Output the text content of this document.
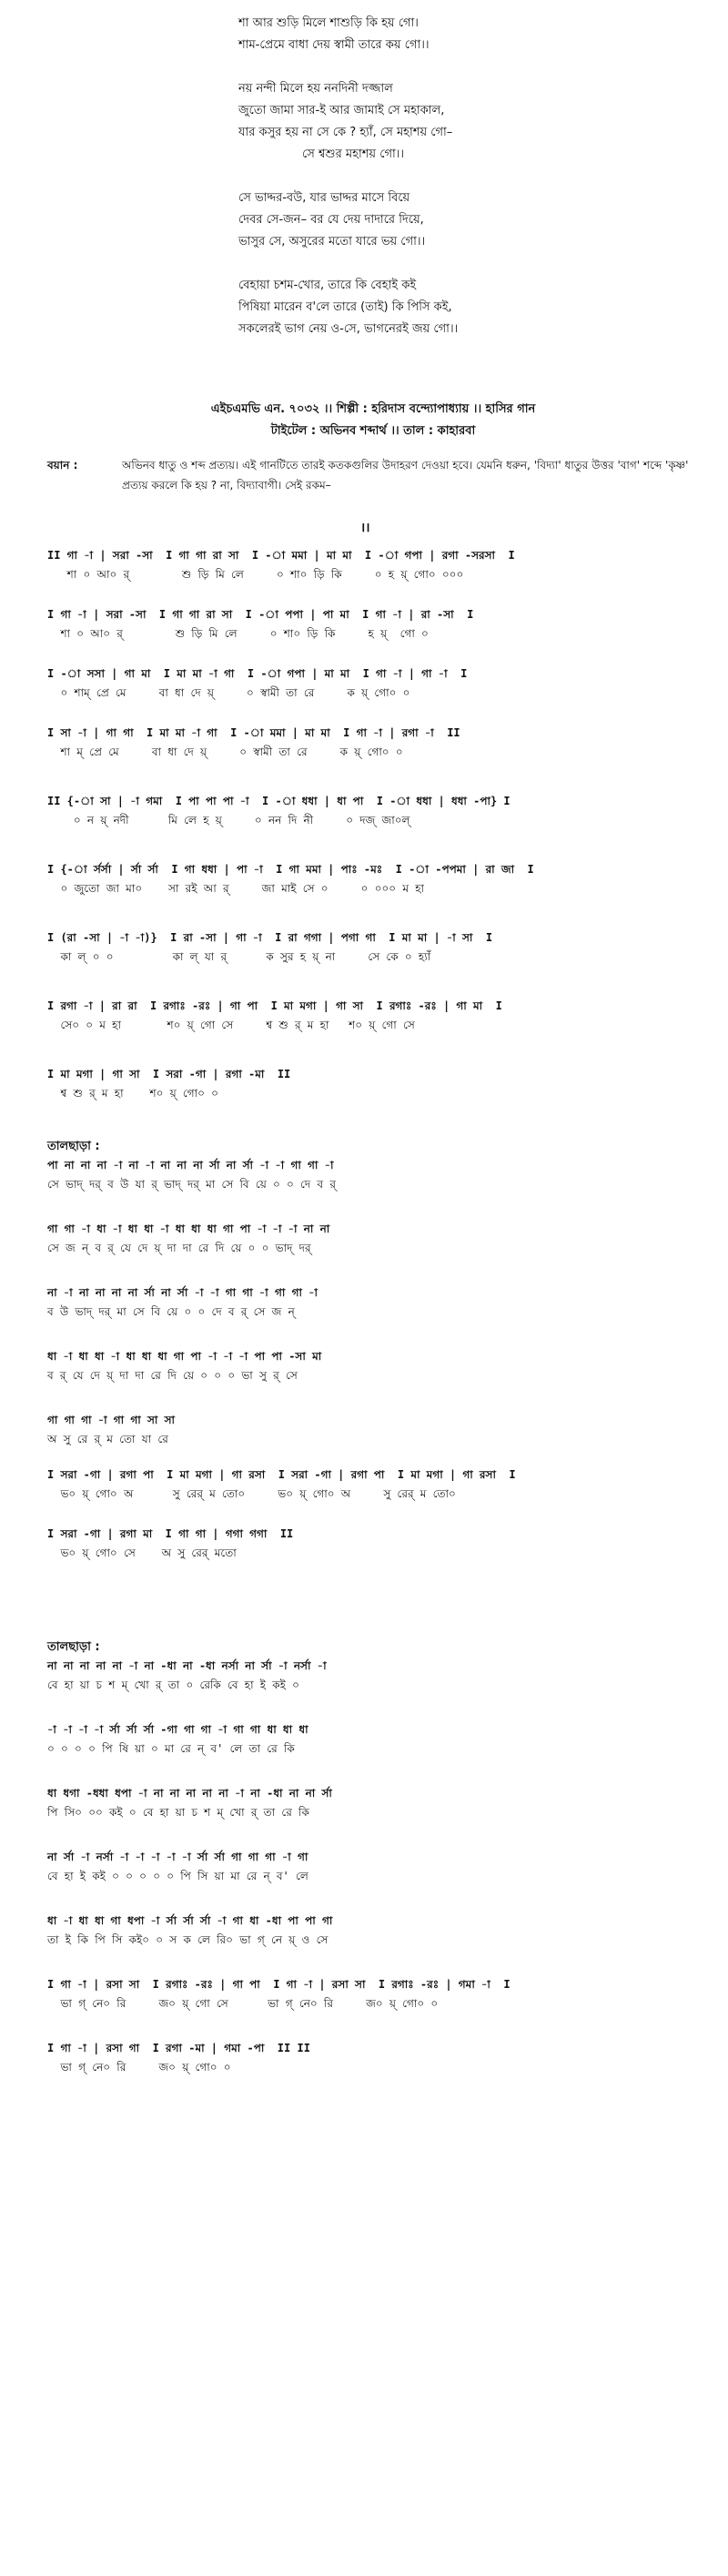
শা আর শুড়ি মিলে শাশুড়ি কি হয় গো।
শাম-প্রেমে বাধা দেয় স্বামী তারে কয় গো।।
নয় নন্দী মিলে হয় ননদিনী দজ্জাল
জুতো জামা সার-ই আর জামাই সে মহাকাল,
যার কসুর হয় না সে কে ? হ্যাঁ, সে মহাশয় গো–
সে শ্বশুর মহাশয় গো।।
সে ভাদ্দর-বউ, যার ভাদ্দর মাসে বিয়ে
দেবর সে-জন– বর যে দেয় দাদারে দিয়ে,
ভাসুর সে, অসুরের মতো যারে ভয় গো।।
বেহায়া চশম-খোর, তারে কি বেহাই কই
পিষিয়া মারেন ব'লে তারে (তাই) কি পিসি কই,
সকলেরই ভাগ নেয় ও-সে, ভাগনেরই জয় গো।।
এইচএমভি এন. ৭০৩২ ।। শিল্পী : হরিদাস বন্দ্যোপাধ্যায় ।। হাসির গান
টাইটেল : অভিনব শব্দার্থ ।। তাল : কাহারবা
বয়ান :	অভিনব ধাতু ও শব্দ প্রত্যয়। এই গানটিতে তারই কতকগুলির উদাহরণ দেওয়া হবে। যেমনি ধরুন, 'বিদ্যা' ধাতুর উত্তর 'বাগ' শব্দে 'কৃষ্ণ' প্রত্যয় করলে কি হয় ? না, বিদ্যাবাগী। সেই রকম–
।।
II গা -া | সরা -সা  I গা গা রা সা  I -া মমা | মা মা  I -া গপা | রগা -সরসা  I
শা ০ আ০ র্        শু ড়ি মি লে     ০ শা০ ড়ি কি     ০ হ য়্ গো০ ০০০
I গা -া | সরা -সা  I গা গা রা সা  I -া পপা | পা মা  I গা -া | রা -সা  I
শা ০ আ০ র্        শু ড়ি মি লে     ০ শা০ ড়ি কি     হ য়্  গো ০
I -া সসা | গা মা  I মা মা -া গা  I -া গপা | মা মা  I গা -া | গা -া  I
০ শাম্ প্রে মে     বা ধা দে য়্     ০ স্বামী তা রে     ক য়্ গো০ ০
I সা -া | গা গা  I মা মা -া গা  I -া মমা | মা মা  I গা -া | রগা -া  II
শা ম্ প্রে মে     বা ধা দে য়্     ০ স্বামী তা রে     ক য়্ গো০ ০
II {-া সা | -া গমা  I পা পা পা -া  I -া ধধা | ধা পা  I -া ধধা | ধধা -পা} I
০ ন য়্ নদী      মি লে হ য়্     ০ নন দি নী     ০ দজ্ জা০ল্
I {-া র্সর্সা | র্সা র্সা  I গা ধধা | পা -া  I গা মমা | পাঃ -মঃ  I -া -পপমা | রা জা  I
০ জুতো জা মা০    সা রই আ র্     জা মাই সে ০     ০ ০০০ ম হা
I (রা -সা | -া -া)}  I রা -সা | গা -া  I রা গগা | পগা গা  I মা মা | -া সা  I
কা ল্ ০ ০         কা ল্ যা র্      ক সুর হ য়্ না     সে কে ০ হ্যাঁ
I রগা -া | রা রা  I রগাঃ -রঃ | গা পা  I মা মগা | গা সা  I রগাঃ -রঃ | গা মা  I
সে০ ০ ম হা       শ০ য়্ গো সে     শ্ব শু র্ ম হা   শ০ য়্ গো সে
I মা মগা | গা সা  I সরা -গা | রগা -মা  II
শ্ব শু র্ ম হা    শ০ য়্ গো০ ০
তালছাড়া :
পা না না না -া না -া না না না র্সা না র্সা -া -া গা গা -া
সে ভাদ্ দর্ ব উ যা র্ ভাদ্ দর্ মা সে বি য়ে ০ ০ দে ব র্
গা গা -া ধা -া ধা ধা -া ধা ধা ধা গা পা -া -া -া না না
সে জ ন্ ব র্ যে দে য়্ দা দা রে দি য়ে ০ ০ ভাদ্ দর্
না -া না না না না র্সা না র্সা -া -া গা গা -া গা গা -া
ব উ ভাদ্ দর্ মা সে বি য়ে ০ ০ দে ব র্ সে জ ন্
ধা -া ধা ধা -া ধা ধা ধা গা পা -া -া -া পা পা -সা মা
ব র্ যে দে য়্ দা দা রে দি য়ে ০ ০ ০ ভা সু র্ সে
গা গা গা -া গা গা সা সা
অ সু রে র্ ম তো যা রে
I সরা -গা | রগা পা  I মা মগা | গা রসা  I সরা -গা | রগা পা  I মা মগা | গা রসা  I
ভ০ য়্ গো০ অ      সু রের্ ম তো০     ভ০ য়্ গো০ অ     সু রের্ ম তো০
I সরা -গা | রগা মা  I গা গা | গগা গগা  II
ভ০ য়্ গো০ সে    অ সু রের্ মতো
তালছাড়া :
না না না না না -া না -ধা না -ধা নর্সা না র্সা -া নর্সা -া
বে হা য়া চ শ ম্ খো র্ তা ০ রেকি বে হা ই কই ০
-া -া -া -া র্সা র্সা র্সা -গা গা গা -া গা গা ধা ধা ধা
০ ০ ০ ০ পি ষি য়া ০ মা রে ন্ ব' লে তা রে কি
ধা ধগা -ধধা ধপা -া না না না না না -া না -ধা না না র্সা
পি সি০ ০০ কই ০ বে হা য়া চ শ ম্ খো র্ তা রে কি
না র্সা -া নর্সা -া -া -া -া -া র্সা র্সা গা গা গা -া গা
বে হা ই কই ০ ০ ০ ০ ০ পি সি য়া মা রে ন্ ব' লে
ধা -া ধা ধা গা ধপা -া র্সা র্সা র্সা -া গা ধা -ধা পা পা গা
তা ই কি পি সি কই০ ০ স ক লে রি০ ভা গ্ নে য়্ ও সে
I গা -া | রসা সা  I রগাঃ -রঃ | গা পা  I গা -া | রসা সা  I রগাঃ -রঃ | গমা -া  I
ভা গ্ নে০ রি     জ০ য়্ গো সে      ভা গ্ নে০ রি     জ০ য়্ গো০ ০
I গা -া | রসা গা  I রগা -মা | গমা -পা  II II
ভা গ্ নে০ রি     জ০ য়্ গো০ ০
